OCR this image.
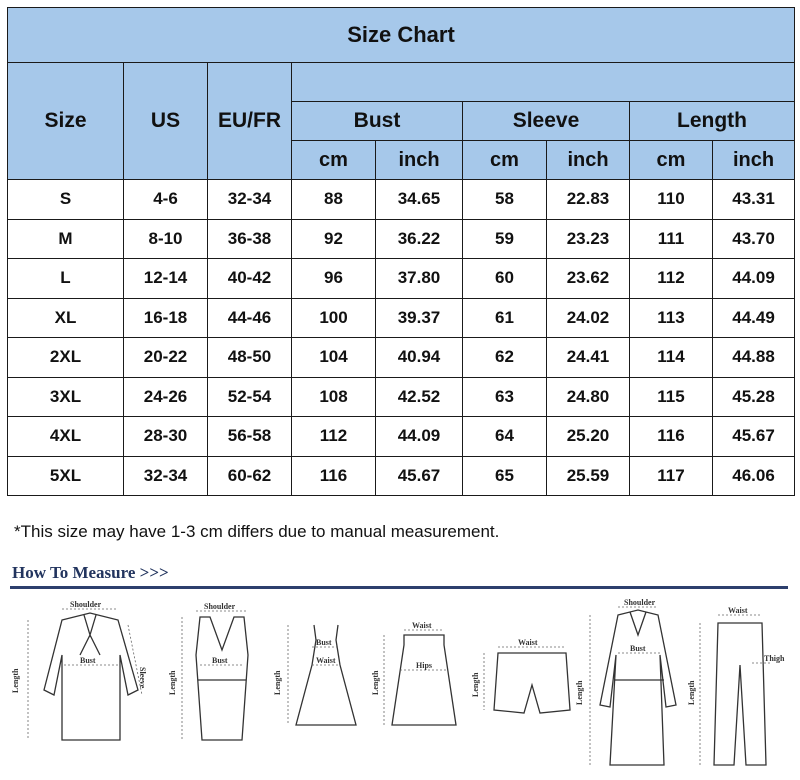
Size Chart								
Size	US	EU/FR						
			Bust		Sleeve		Length	
			cm	inch	cm	inch	cm	inch
S	4-6	32-34	88	34.65	58	22.83	110	43.31
M	8-10	36-38	92	36.22	59	23.23	111	43.70
L	12-14	40-42	96	37.80	60	23.62	112	44.09
XL	16-18	44-46	100	39.37	61	24.02	113	44.49
2XL	20-22	48-50	104	40.94	62	24.41	114	44.88
3XL	24-26	52-54	108	42.52	63	24.80	115	45.28
4XL	28-30	56-58	112	44.09	64	25.20	116	45.67
5XL	32-34	60-62	116	45.67	65	25.59	117	46.06
*This size may have 1-3 cm differs due to manual measurement.
How To Measure >>>
Shoulder
Bust
Length	Sleeve
Shoulder
Bust
Length
Bust
Waist
Length
Waist
Hips
Length
Waist
Length
Shoulder
Bust
Length
Waist
Thigh
Length
